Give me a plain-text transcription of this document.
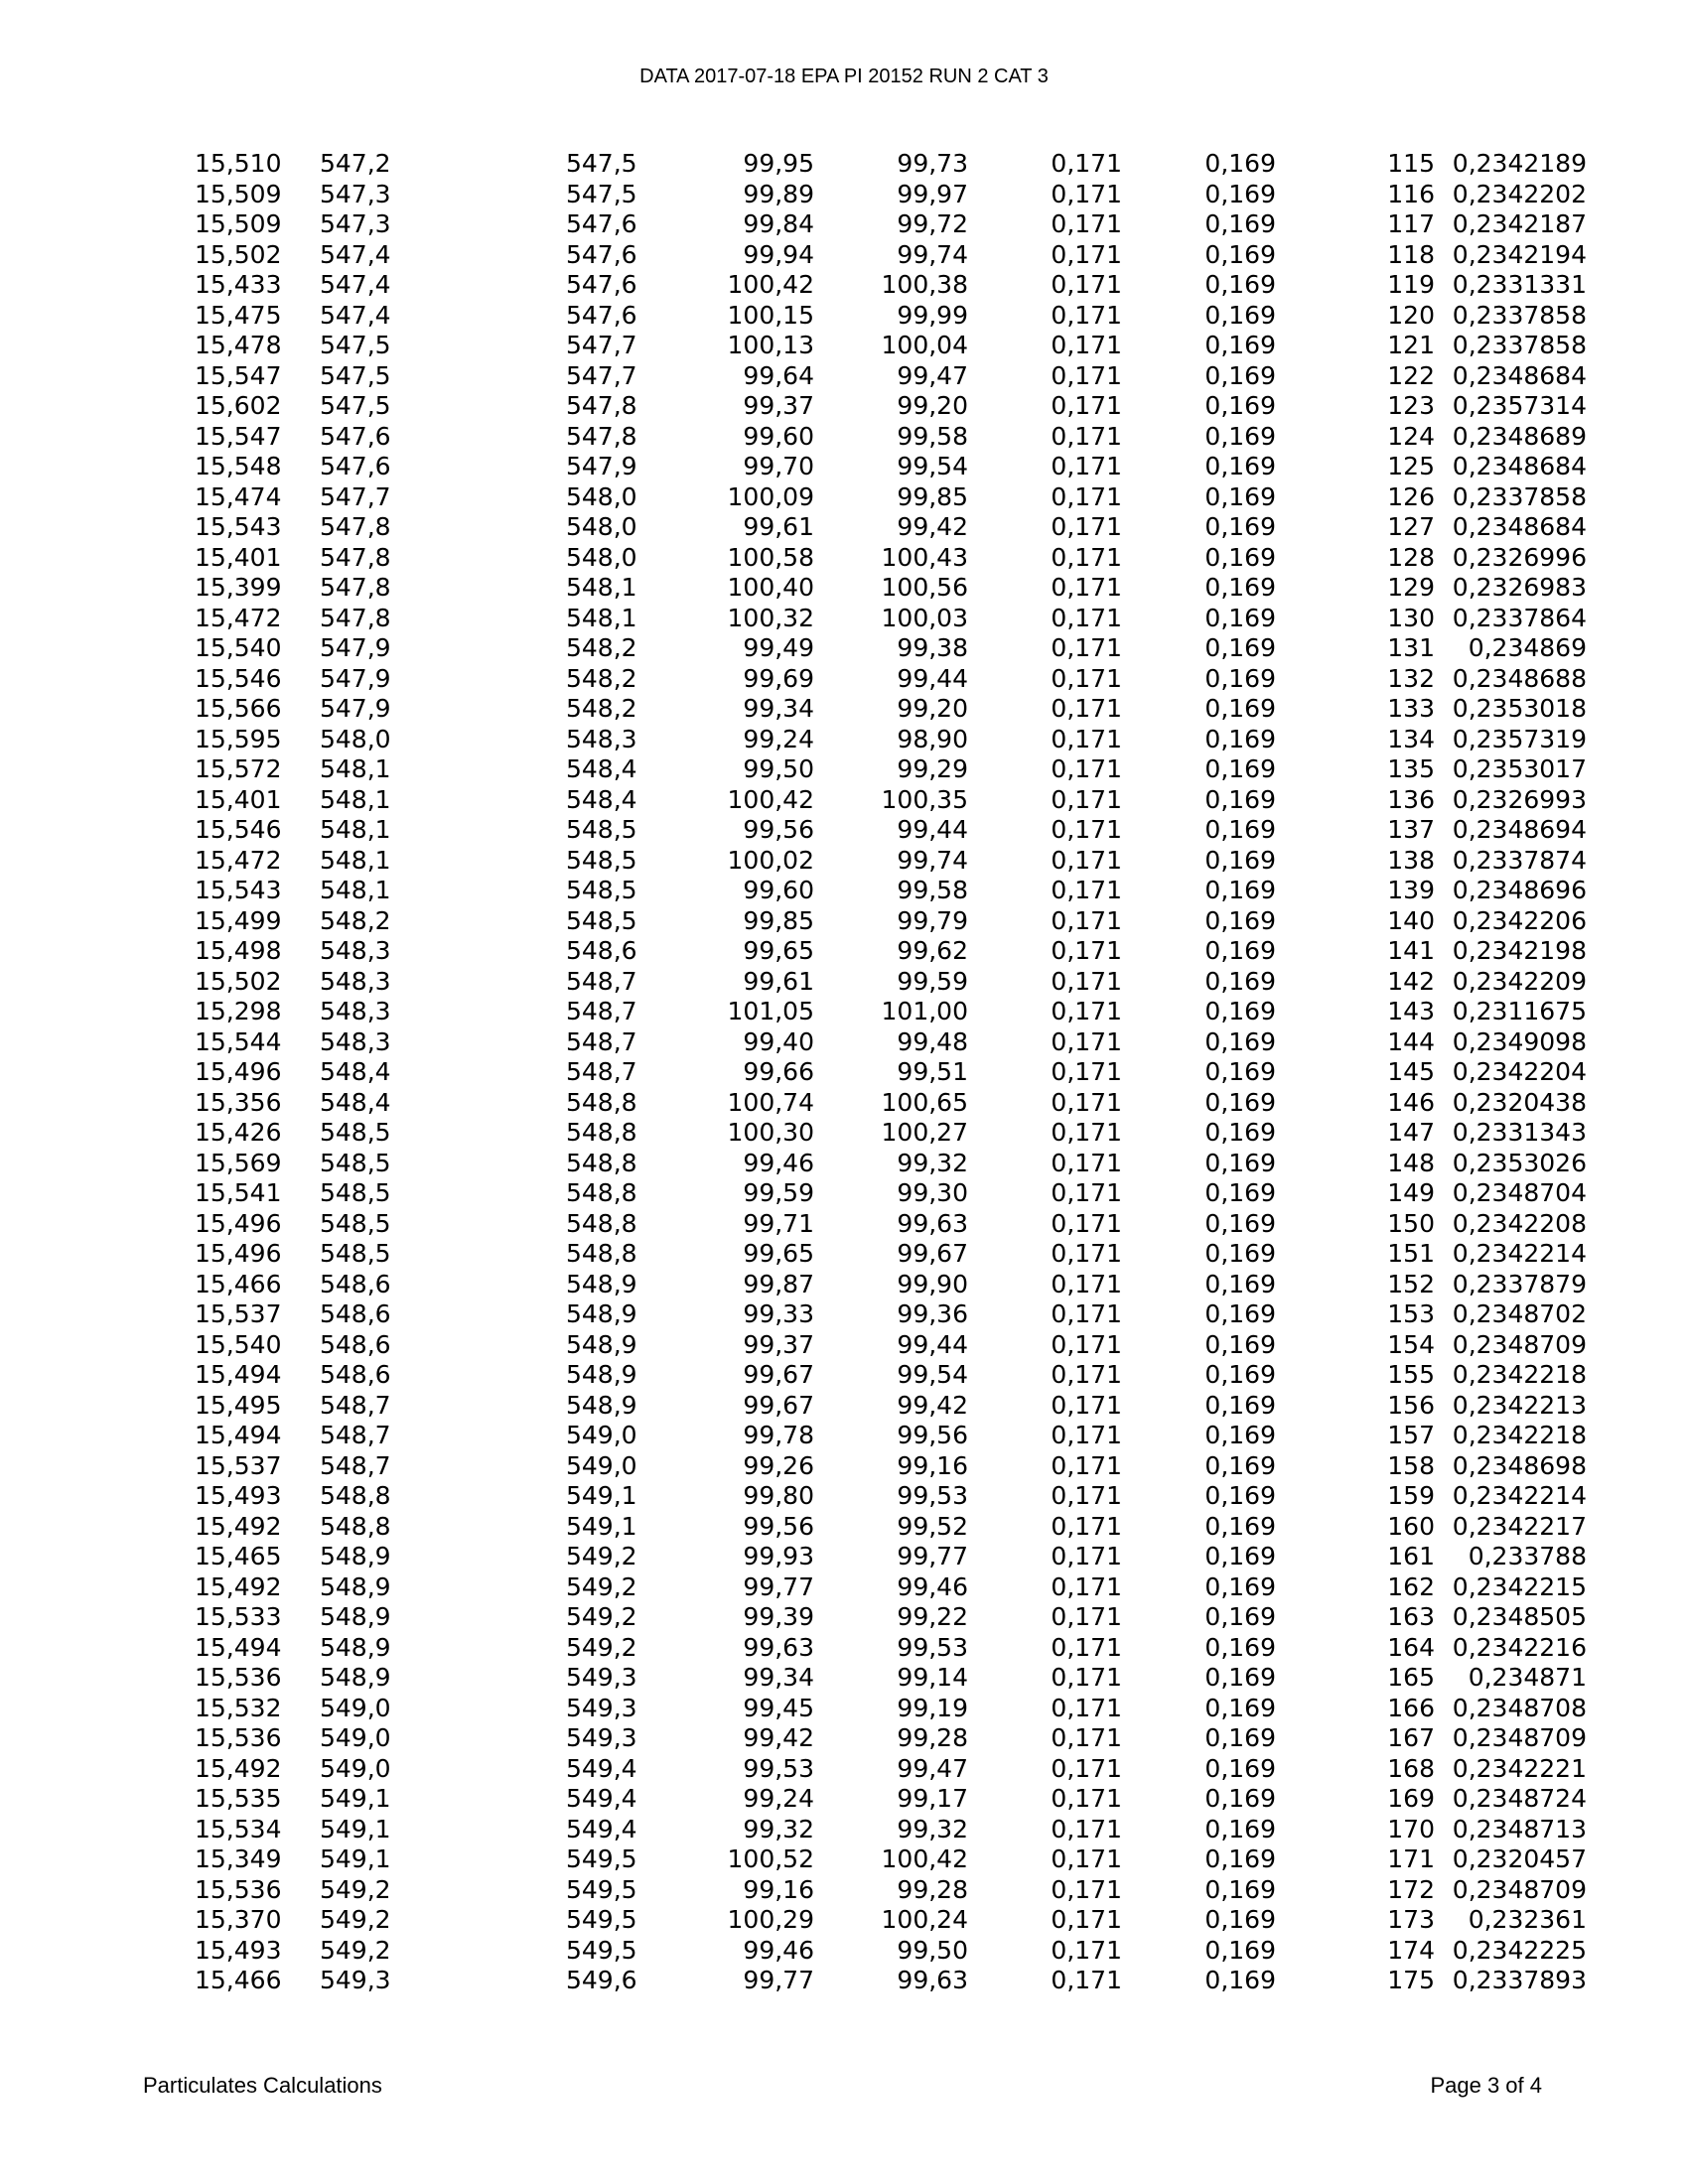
DATA 2017-07-18 EPA PI 20152 RUN 2 CAT 3
15,510	547,2	547,5	99,95	99,73	0,171	0,169	115	0,2342189
15,509	547,3	547,5	99,89	99,97	0,171	0,169	116	0,2342202
15,509	547,3	547,6	99,84	99,72	0,171	0,169	117	0,2342187
15,502	547,4	547,6	99,94	99,74	0,171	0,169	118	0,2342194
15,433	547,4	547,6	100,42	100,38	0,171	0,169	119	0,2331331
15,475	547,4	547,6	100,15	99,99	0,171	0,169	120	0,2337858
15,478	547,5	547,7	100,13	100,04	0,171	0,169	121	0,2337858
15,547	547,5	547,7	99,64	99,47	0,171	0,169	122	0,2348684
15,602	547,5	547,8	99,37	99,20	0,171	0,169	123	0,2357314
15,547	547,6	547,8	99,60	99,58	0,171	0,169	124	0,2348689
15,548	547,6	547,9	99,70	99,54	0,171	0,169	125	0,2348684
15,474	547,7	548,0	100,09	99,85	0,171	0,169	126	0,2337858
15,543	547,8	548,0	99,61	99,42	0,171	0,169	127	0,2348684
15,401	547,8	548,0	100,58	100,43	0,171	0,169	128	0,2326996
15,399	547,8	548,1	100,40	100,56	0,171	0,169	129	0,2326983
15,472	547,8	548,1	100,32	100,03	0,171	0,169	130	0,2337864
15,540	547,9	548,2	99,49	99,38	0,171	0,169	131	0,234869
15,546	547,9	548,2	99,69	99,44	0,171	0,169	132	0,2348688
15,566	547,9	548,2	99,34	99,20	0,171	0,169	133	0,2353018
15,595	548,0	548,3	99,24	98,90	0,171	0,169	134	0,2357319
15,572	548,1	548,4	99,50	99,29	0,171	0,169	135	0,2353017
15,401	548,1	548,4	100,42	100,35	0,171	0,169	136	0,2326993
15,546	548,1	548,5	99,56	99,44	0,171	0,169	137	0,2348694
15,472	548,1	548,5	100,02	99,74	0,171	0,169	138	0,2337874
15,543	548,1	548,5	99,60	99,58	0,171	0,169	139	0,2348696
15,499	548,2	548,5	99,85	99,79	0,171	0,169	140	0,2342206
15,498	548,3	548,6	99,65	99,62	0,171	0,169	141	0,2342198
15,502	548,3	548,7	99,61	99,59	0,171	0,169	142	0,2342209
15,298	548,3	548,7	101,05	101,00	0,171	0,169	143	0,2311675
15,544	548,3	548,7	99,40	99,48	0,171	0,169	144	0,2349098
15,496	548,4	548,7	99,66	99,51	0,171	0,169	145	0,2342204
15,356	548,4	548,8	100,74	100,65	0,171	0,169	146	0,2320438
15,426	548,5	548,8	100,30	100,27	0,171	0,169	147	0,2331343
15,569	548,5	548,8	99,46	99,32	0,171	0,169	148	0,2353026
15,541	548,5	548,8	99,59	99,30	0,171	0,169	149	0,2348704
15,496	548,5	548,8	99,71	99,63	0,171	0,169	150	0,2342208
15,496	548,5	548,8	99,65	99,67	0,171	0,169	151	0,2342214
15,466	548,6	548,9	99,87	99,90	0,171	0,169	152	0,2337879
15,537	548,6	548,9	99,33	99,36	0,171	0,169	153	0,2348702
15,540	548,6	548,9	99,37	99,44	0,171	0,169	154	0,2348709
15,494	548,6	548,9	99,67	99,54	0,171	0,169	155	0,2342218
15,495	548,7	548,9	99,67	99,42	0,171	0,169	156	0,2342213
15,494	548,7	549,0	99,78	99,56	0,171	0,169	157	0,2342218
15,537	548,7	549,0	99,26	99,16	0,171	0,169	158	0,2348698
15,493	548,8	549,1	99,80	99,53	0,171	0,169	159	0,2342214
15,492	548,8	549,1	99,56	99,52	0,171	0,169	160	0,2342217
15,465	548,9	549,2	99,93	99,77	0,171	0,169	161	0,233788
15,492	548,9	549,2	99,77	99,46	0,171	0,169	162	0,2342215
15,533	548,9	549,2	99,39	99,22	0,171	0,169	163	0,2348505
15,494	548,9	549,2	99,63	99,53	0,171	0,169	164	0,2342216
15,536	548,9	549,3	99,34	99,14	0,171	0,169	165	0,234871
15,532	549,0	549,3	99,45	99,19	0,171	0,169	166	0,2348708
15,536	549,0	549,3	99,42	99,28	0,171	0,169	167	0,2348709
15,492	549,0	549,4	99,53	99,47	0,171	0,169	168	0,2342221
15,535	549,1	549,4	99,24	99,17	0,171	0,169	169	0,2348724
15,534	549,1	549,4	99,32	99,32	0,171	0,169	170	0,2348713
15,349	549,1	549,5	100,52	100,42	0,171	0,169	171	0,2320457
15,536	549,2	549,5	99,16	99,28	0,171	0,169	172	0,2348709
15,370	549,2	549,5	100,29	100,24	0,171	0,169	173	0,232361
15,493	549,2	549,5	99,46	99,50	0,171	0,169	174	0,2342225
15,466	549,3	549,6	99,77	99,63	0,171	0,169	175	0,2337893
Particulates Calculations	Page 3 of 4
